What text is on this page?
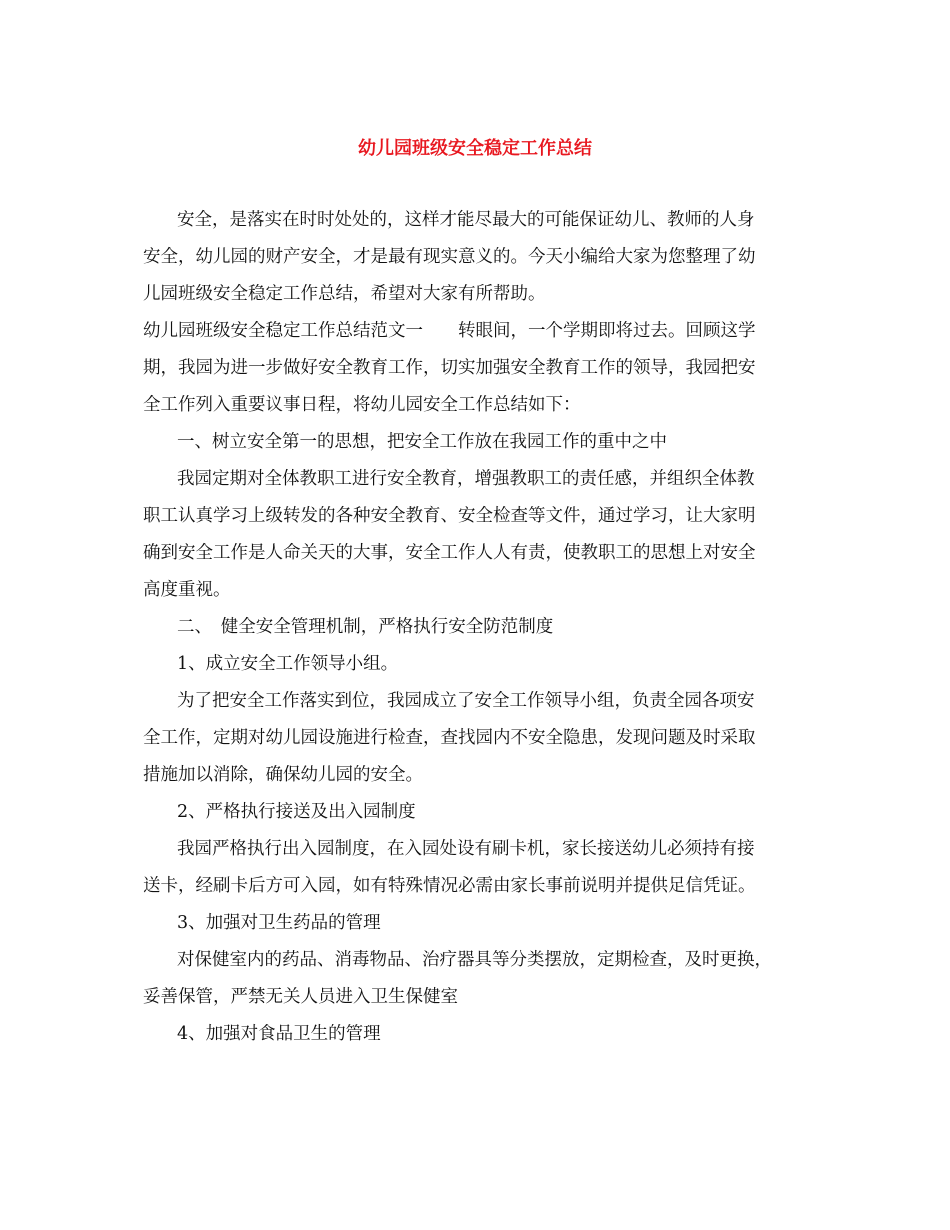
幼儿园班级安全稳定工作总结

安全，是落实在时时处处的，这样才能尽最大的可能保证幼儿、教师的人身

安全，幼儿园的财产安全，才是最有现实意义的。今天小编给大家为您整理了幼

儿园班级安全稳定工作总结，希望对大家有所帮助。

幼儿园班级安全稳定工作总结范文一　　转眼间，一个学期即将过去。回顾这学

期，我园为进一步做好安全教育工作，切实加强安全教育工作的领导，我园把安

全工作列入重要议事日程，将幼儿园安全工作总结如下：

一、树立安全第一的思想，把安全工作放在我园工作的重中之中

我园定期对全体教职工进行安全教育，增强教职工的责任感，并组织全体教

职工认真学习上级转发的各种安全教育、安全检查等文件，通过学习，让大家明

确到安全工作是人命关天的大事，安全工作人人有责，使教职工的思想上对安全

高度重视。

二、　健全安全管理机制，严格执行安全防范制度

1、成立安全工作领导小组。

为了把安全工作落实到位，我园成立了安全工作领导小组，负责全园各项安

全工作，定期对幼儿园设施进行检查，查找园内不安全隐患，发现问题及时采取

措施加以消除，确保幼儿园的安全。

2、严格执行接送及出入园制度

我园严格执行出入园制度，在入园处设有刷卡机，家长接送幼儿必须持有接

送卡，经刷卡后方可入园，如有特殊情况必需由家长事前说明并提供足信凭证。

3、加强对卫生药品的管理

对保健室内的药品、消毒物品、治疗器具等分类摆放，定期检查，及时更换，

妥善保管，严禁无关人员进入卫生保健室

4、加强对食品卫生的管理
